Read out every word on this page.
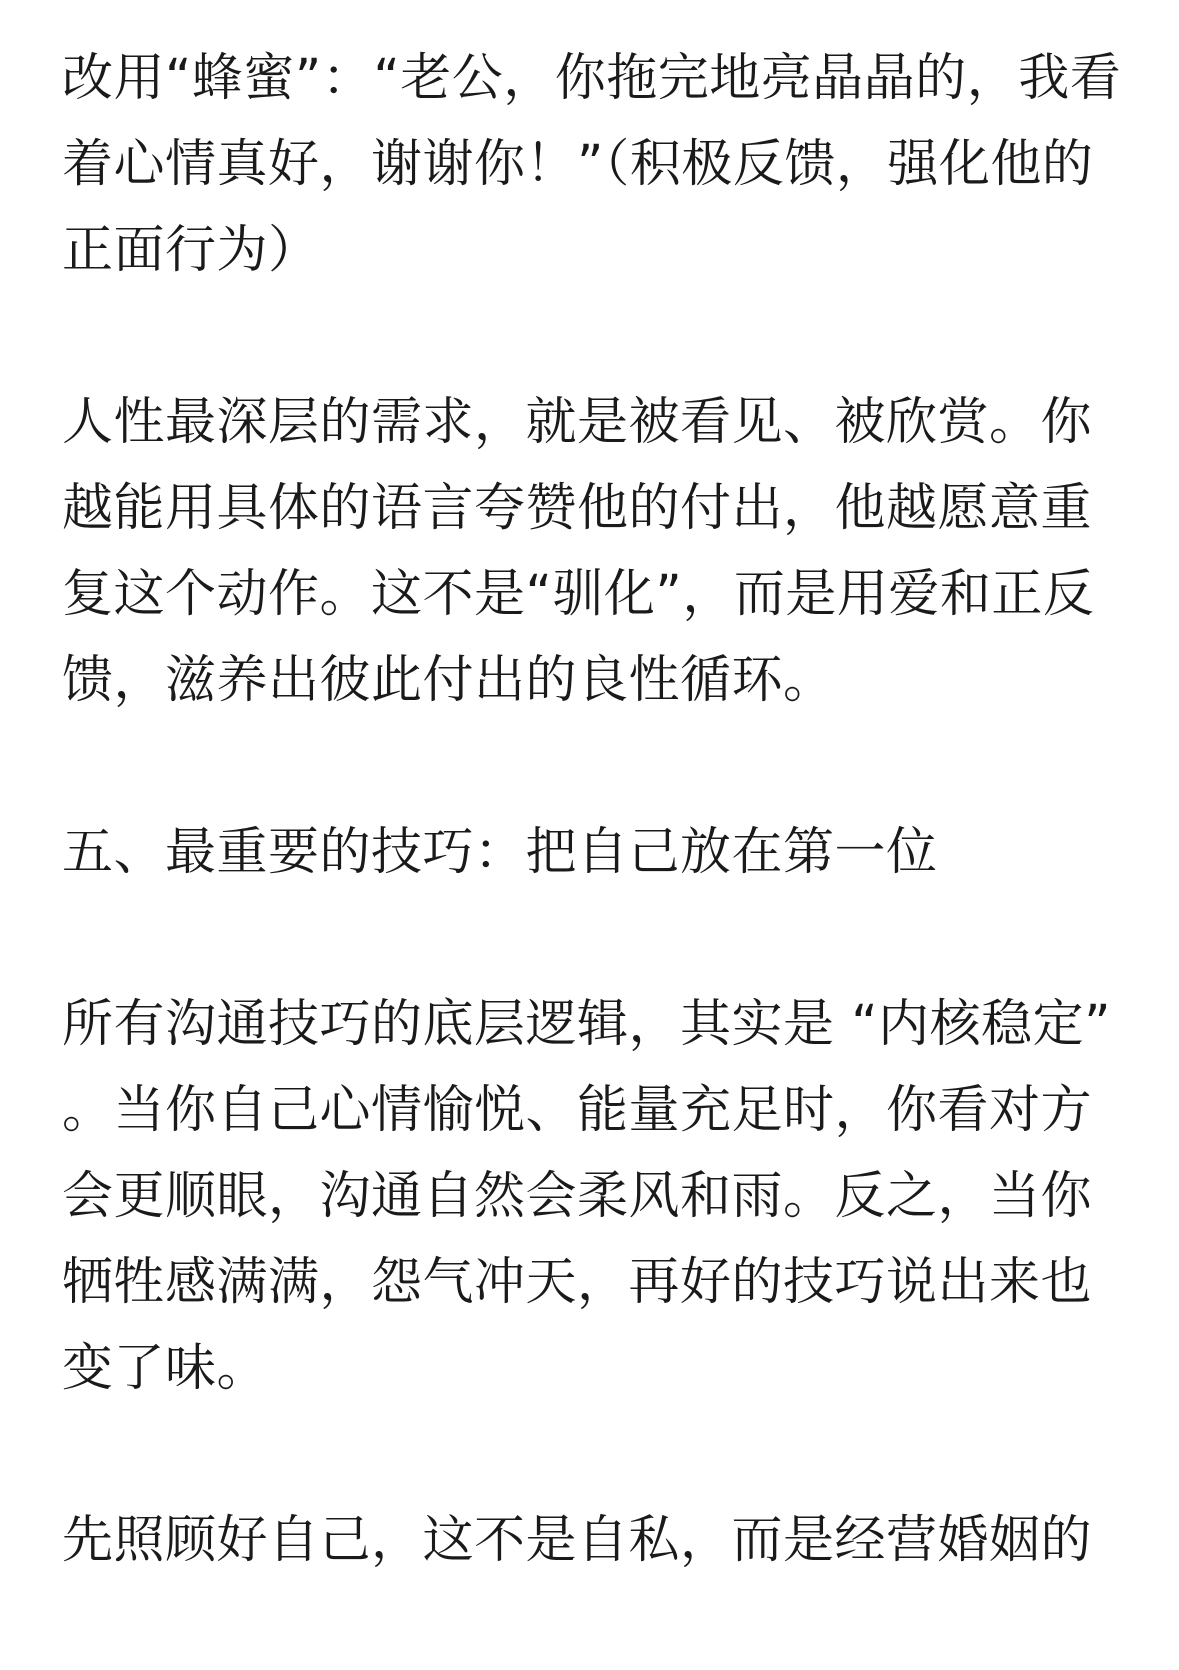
改用“蜂蜜”：“老公，你拖完地亮晶晶的，我看
着心情真好，谢谢你！”（积极反馈，强化他的
正面行为）

人性最深层的需求，就是被看见、被欣赏。你
越能用具体的语言夸赞他的付出，他越愿意重
复这个动作。这不是“驯化”，而是用爱和正反
馈，滋养出彼此付出的良性循环。

五、最重要的技巧：把自己放在第一位

所有沟通技巧的底层逻辑，其实是 “内核稳定”
。当你自己心情愉悦、能量充足时，你看对方
会更顺眼，沟通自然会柔风和雨。反之，当你
牺牲感满满，怨气冲天，再好的技巧说出来也
变了味。

先照顾好自己，这不是自私，而是经营婚姻的
